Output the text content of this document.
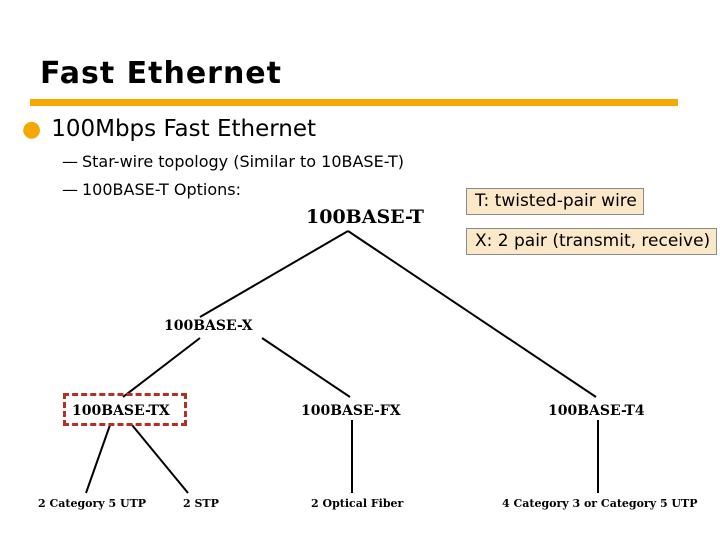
Fast Ethernet
● 100Mbps Fast Ethernet
— Star-wire topology (Similar to 10BASE-T)
— 100BASE-T Options:
T: twisted-pair wire
X: 2 pair (transmit, receive)
100BASE-T
100BASE-X
100BASE-TX	100BASE-FX	100BASE-T4
2 Category 5 UTP	2 STP	2 Optical Fiber	4 Category 3 or Category 5 UTP
